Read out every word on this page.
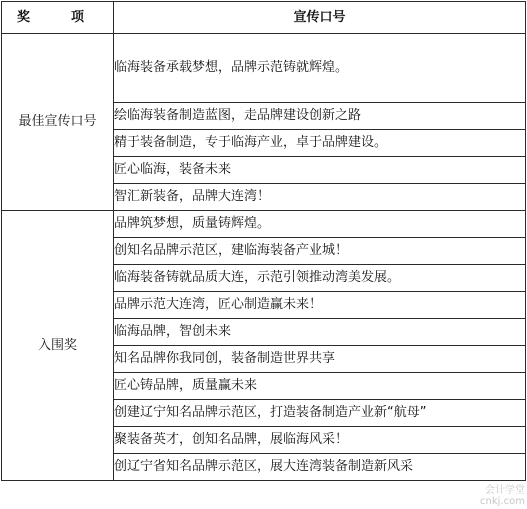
奖　项	宣传口号
最佳宣传口号	临海装备承载梦想，品牌示范铸就辉煌。
	绘临海装备制造蓝图，走品牌建设创新之路
	精于装备制造，专于临海产业，卓于品牌建设。
	匠心临海，装备未来
	智汇新装备，品牌大连湾！
入围奖	品牌筑梦想，质量铸辉煌。
	创知名品牌示范区，建临海装备产业城！
	临海装备铸就品质大连，示范引领推动湾美发展。
	品牌示范大连湾，匠心制造赢未来！
	临海品牌，智创未来
	知名品牌你我同创，装备制造世界共享
	匠心铸品牌，质量赢未来
	创建辽宁知名品牌示范区，打造装备制造产业新“航母”
	聚装备英才，创知名品牌，展临海风采！
	创辽宁省知名品牌示范区，展大连湾装备制造新风采
会计学堂
cnkj.com
